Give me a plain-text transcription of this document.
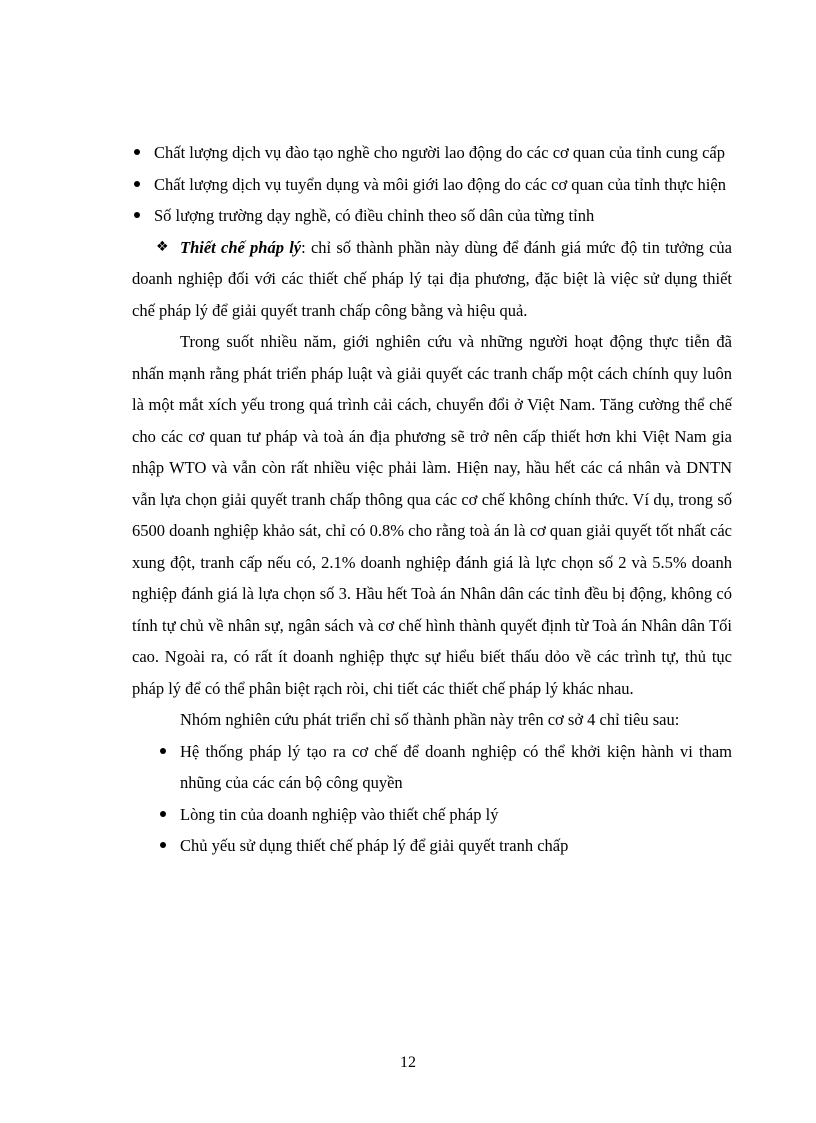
Chất lượng dịch vụ đào tạo nghề cho người lao động do các cơ quan của tỉnh cung cấp

Chất lượng dịch vụ tuyển dụng và môi giới lao động do các cơ quan của tỉnh thực hiện

Số lượng trường dạy nghề, có điều chỉnh theo số dân của từng tỉnh

❖ Thiết chế pháp lý: chỉ số thành phần này dùng để đánh giá mức độ tin tưởng của doanh nghiệp đối với các thiết chế pháp lý tại địa phương, đặc biệt là việc sử dụng thiết chế pháp lý để giải quyết tranh chấp công bằng và hiệu quả.

Trong suốt nhiều năm, giới nghiên cứu và những người hoạt động thực tiễn đã nhấn mạnh rằng phát triển pháp luật và giải quyết các tranh chấp một cách chính quy luôn là một mắt xích yếu trong quá trình cải cách, chuyển đổi ở Việt Nam. Tăng cường thể chế cho các cơ quan tư pháp và toà án địa phương sẽ trở nên cấp thiết hơn khi Việt Nam gia nhập WTO và vẫn còn rất nhiều việc phải làm. Hiện nay, hầu hết các cá nhân và DNTN vẫn lựa chọn giải quyết tranh chấp thông qua các cơ chế không chính thức. Ví dụ, trong số 6500 doanh nghiệp khảo sát, chỉ có 0.8% cho rằng toà án là cơ quan giải quyết tốt nhất các xung đột, tranh cấp nếu có, 2.1% doanh nghiệp đánh giá là lực chọn số 2 và 5.5% doanh nghiệp đánh giá là lựa chọn số 3. Hầu hết Toà án Nhân dân các tỉnh đều bị động, không có tính tự chủ về nhân sự, ngân sách và cơ chế hình thành quyết định từ Toà án Nhân dân Tối cao. Ngoài ra, có rất ít doanh nghiệp thực sự hiểu biết thấu dỏo về các trình tự, thủ tục pháp lý để có thể phân biệt rạch ròi, chi tiết các thiết chế pháp lý khác nhau.

Nhóm nghiên cứu phát triển chỉ số thành phần này trên cơ sở 4 chỉ tiêu sau:

Hệ thống pháp lý tạo ra cơ chế để doanh nghiệp có thể khởi kiện hành vi tham nhũng của các cán bộ công quyền

Lòng tin của doanh nghiệp vào thiết chế pháp lý

Chủ yếu sử dụng thiết chế pháp lý để giải quyết tranh chấp

12
